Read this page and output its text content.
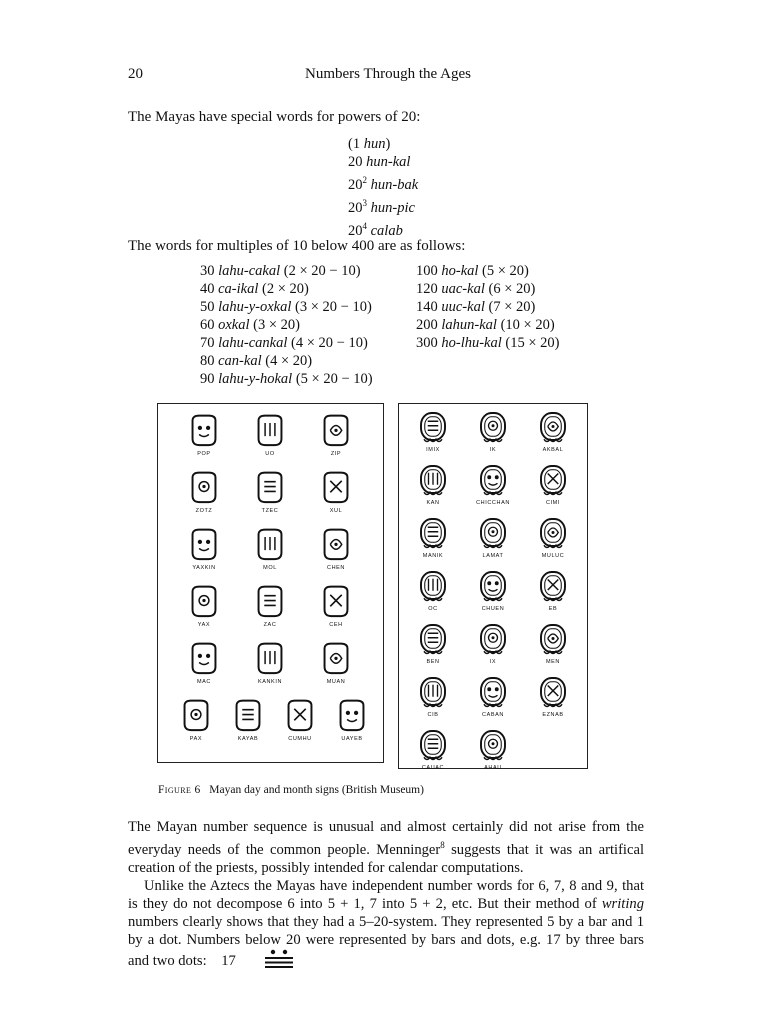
20	Numbers Through the Ages
The Mayas have special words for powers of 20:
(1 hun)
20 hun-kal
$20^2$ hun-bak
$20^3$ hun-pic
$20^4$ calab
The words for multiples of 10 below 400 are as follows:
30 lahu-cakal (2 × 20 − 10)
40 ca-ikal (2 × 20)
50 lahu-y-oxkal (3 × 20 − 10)
60 oxkal (3 × 20)
70 lahu-cankal (4 × 20 − 10)
80 can-kal (4 × 20)
90 lahu-y-hokal (5 × 20 − 10)
100 ho-kal (5 × 20)
120 uac-kal (6 × 20)
140 uuc-kal (7 × 20)
200 lahun-kal (10 × 20)
300 ho-lhu-kal (15 × 20)
POP	UO	ZIP
ZOTZ	TZEC	XUL
YAXKIN	MOL	CHEN
YAX	ZAC	CEH
MAC	KANKIN	MUAN
PAX	KAYAB	CUMHU	UAYEB
IMIX	IK	AKBAL
KAN	CHICCHAN	CIMI
MANIK	LAMAT	MULUC
OC	CHUEN	EB
BEN	IX	MEN
CIB	CABAN	EZNAB
CAUAC	AHAU
Figure 6 Mayan day and month signs (British Museum)

The Mayan number sequence is unusual and almost certainly did not arise from the everyday needs of the common people. Menninger$^8$ suggests that it was an artifical creation of the priests, possibly intended for calendar computations.

Unlike the Aztecs the Mayas have independent number words for 6, 7, 8 and 9, that is they do not decompose 6 into 5 + 1, 7 into 5 + 2, etc. But their method of writing numbers clearly shows that they had a 5–20-system. They represented 5 by a bar and 1 by a dot. Numbers below 20 were represented by bars and dots, e.g. 17 by three bars and two dots: 17
